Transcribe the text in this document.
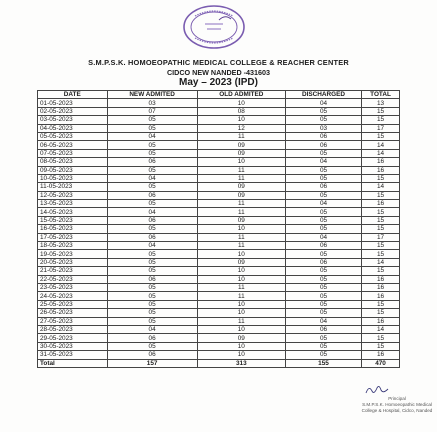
S.M.P.S.K. HOMOEOPATHIC MEDICAL COLLEGE & REACHER CENTER
CIDCO NEW NANDED -431603
May – 2023 (IPD)
DATE	NEW ADMITED	OLD ADMITED	DISCHARGED	TOTAL
01-05-2023	03	10	04	13
02-05-2023	07	08	05	15
03-05-2023	05	10	05	15
04-05-2023	05	12	03	17
05-05-2023	04	11	06	15
06-05-2023	05	09	06	14
07-05-2023	05	09	05	14
08-05-2023	06	10	04	16
09-05-2023	05	11	05	16
10-05-2023	04	11	05	15
11-05-2023	05	09	06	14
12-05-2023	06	09	05	15
13-05-2023	05	11	04	16
14-05-2023	04	11	05	15
15-05-2023	06	09	05	15
16-05-2023	05	10	05	15
17-05-2023	06	11	04	17
18-05-2023	04	11	06	15
19-05-2023	05	10	05	15
20-05-2023	05	09	06	14
21-05-2023	05	10	05	15
22-05-2023	06	10	05	16
23-05-2023	05	11	05	16
24-05-2023	05	11	05	16
25-05-2023	05	10	05	15
26-05-2023	05	10	05	15
27-05-2023	05	11	04	16
28-05-2023	04	10	06	14
29-05-2023	06	09	05	15
30-05-2023	05	10	05	15
31-05-2023	06	10	05	16
Total	157	313	155	470
Principal
S.M.P.S.K. Homoeopathic Medical
College & Hospital, Cidco, Nanded
